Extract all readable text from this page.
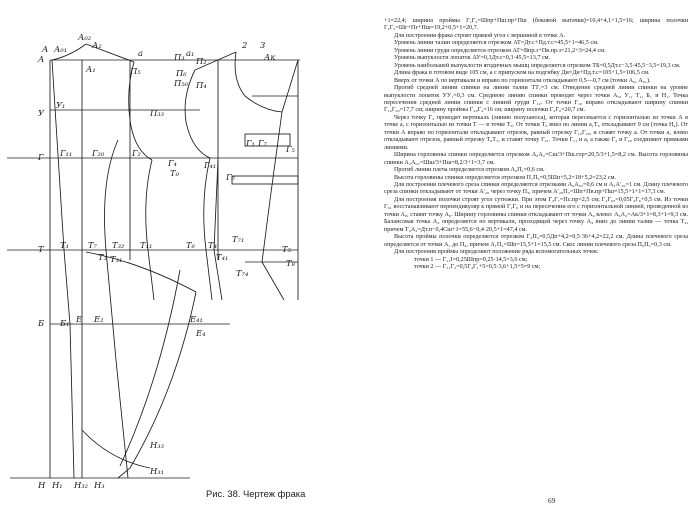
А
А А₀₁
А₀₂
А₂
а
А₁	П₅
П₃ П₂
2 3
П₆
П₅₀ П₄
У
У₁
П₃₃
Г Г₁₁ Г₂₀	Г₂
Г₄	Г₄₁
Г₁ Г₇
Г₅
Г₆
Т Т₁	Т₃₂
Т₃ Т₃₁
Т₇	Т₁₁	Т₆
Т₇₁
Т₄	Т₅
Т₈
Т₄₁
Т₇₄
Б Б₁ Е Е₂	Е₄₁
Е₄
Н Н₁ Н₃₂ Н₃
Н₃₁
Н₃₃
а₁	Ак
Т₀
Рис. 38. Чертеж фрака

+1=22,4; ширина проймы Г₁Г₄=Шпр+Пш.пр+Пш (боковой вытачки)=10,4+4,1+1,5=16; ширина полочки Г₄Г₅=Шг+Пг+Пш=19,2+0,5+1=20,7.

Для построения фрака строят прямой угол с вершиной в точке А.

Уровень линии талии определяется отрезком АТ=Дт.с+Пд.т.с=45,5+1=46,5 см.

Уровень линии груди определяется отрезком АГ=Впр.з+Пв.пр.з=21,2+3=24,4 см.

Уровень выпуклости лопаток АУ=0,3Дт.с=0,3·45,5=13,7 см.

Уровень наибольшей выпуклости ягодичных мышц определяется отрезком ТБ=0,5Дт.с−3,5·45,5−3,5=19,3 см.

Длина фрака в готовом виде 105 см, а с припуском на подгибку Ди=Ди+Пд.т.с=105+1,5=106,5 см.

Вверх от точки А по вертикали и вправо по горизонтали откладывают 0,5—0,7 см (точки А₀, А₀₁).

Прогиб средней линии спинки на линии талии ТТ₁=3 см. Отведение средней линии спинки на уровне выпуклости лопаток УУ₁=0,3 см. Среднюю линию спинки проводят через точки А₀, У₁, Т₁, Б₁ и Н₁. Точка пересечения средней линии спинки с линией груди Г₁₀. От точки Г₁₀ вправо откладывают ширину спинки Г₁₀Г₂₀=17,7 см; ширину проймы Г₂₀Г₄=16 см; ширину полочки Г₄Г₆=20,7 см.

Через точку Г₂ проводят вертикаль (линию полузаноса), которая пересекается с горизонталью из точки А в точке а, с горизонталью из точки Т — в точке Т₆. От точки Т₆ вниз по линии а₁Т₆ откладывают 9 см (точка Н₄). От точки А вправо по горизонтали откладывают отрезок, равный отрезку Г₁₀Г₂₀, и ставят точку а. От точки а₁ влево откладывают отрезок, равный отрезку Т₆Т₇, и ставят точку Г₂₁. Точки Г₁₁ и а, а также Г₄ и Г₂₀ соединяют прямыми линиями.

Ширина горловины спинки определяется отрезком А₀А₂=Сш/3+Пш.гор=20,5/3+1,5=8,2 см. Высота горловины спинки А₂А₀₂=Шш/3+Пш=8,2/3+1=3,7 см.

Прогиб линии плеча определяется отрезком А₀П₂=0,6 см.

Высота горловины спинки определяется отрезком П₁П₅=0,5Шп+5,2=18+5,2=23,2 см.

Для построения плечевого среза спинки определяются отрезками А₀А₀₂=0,6 см и А₂А′₂₀=1 см. Длину плечевого среза спинки откладывают от точки А′₂₀ через точку П₃, причем А′₂₀П₃=Шп+Пв.пр+Пш=15,5+1+1=17,3 см.

Для построения полочки строят угол сутюжки. При этом Г₄Г₇=Пс.пр=2,5 см; Г₄Г₆₅=0,05Г₄Г₆+0,5 см. Из точки Г₆₁ восстанавливают перпендикуляр к прямой Г₂Г₆ и на пересечении его с горизонтальной линией, проведенной из точки А₀, ставят точку А₆. Ширину горловины спинки откладывают от точки А₆ влево: А₆А₂=Ак/3+1=8,3+1=9,3 см. Балансовая точка А₄ определяется по вертикали, проходящей через точку А₄ вниз до линии талии — точка Т₄, причем Т₄А₂=Дт.п−0,4Сш+1=55,6−0,4·20,5+1=47,4 см.

Высота проймы полочки определяется отрезком Г₄П₄=0,5Дп+4,2=0,5·36+4,2=22,2 см. Длина плечевого среза определяется от точки А₁ до П₄, причем А₁П₄=Шп=15,5+1=15,5 см. Скос линии плечевого среза П₆П₅=0,3 см.

Для построения проймы определяют положение ряда вспомогательных точек:

точки 1 — Г₁₁I=0,25Шпр=0,25·14,5=3,6 см;

точки 2 — Г₁₁Г₂=0,5Г₄Г₁+5=0,5·3,6+1,5+5=9 см;

69
